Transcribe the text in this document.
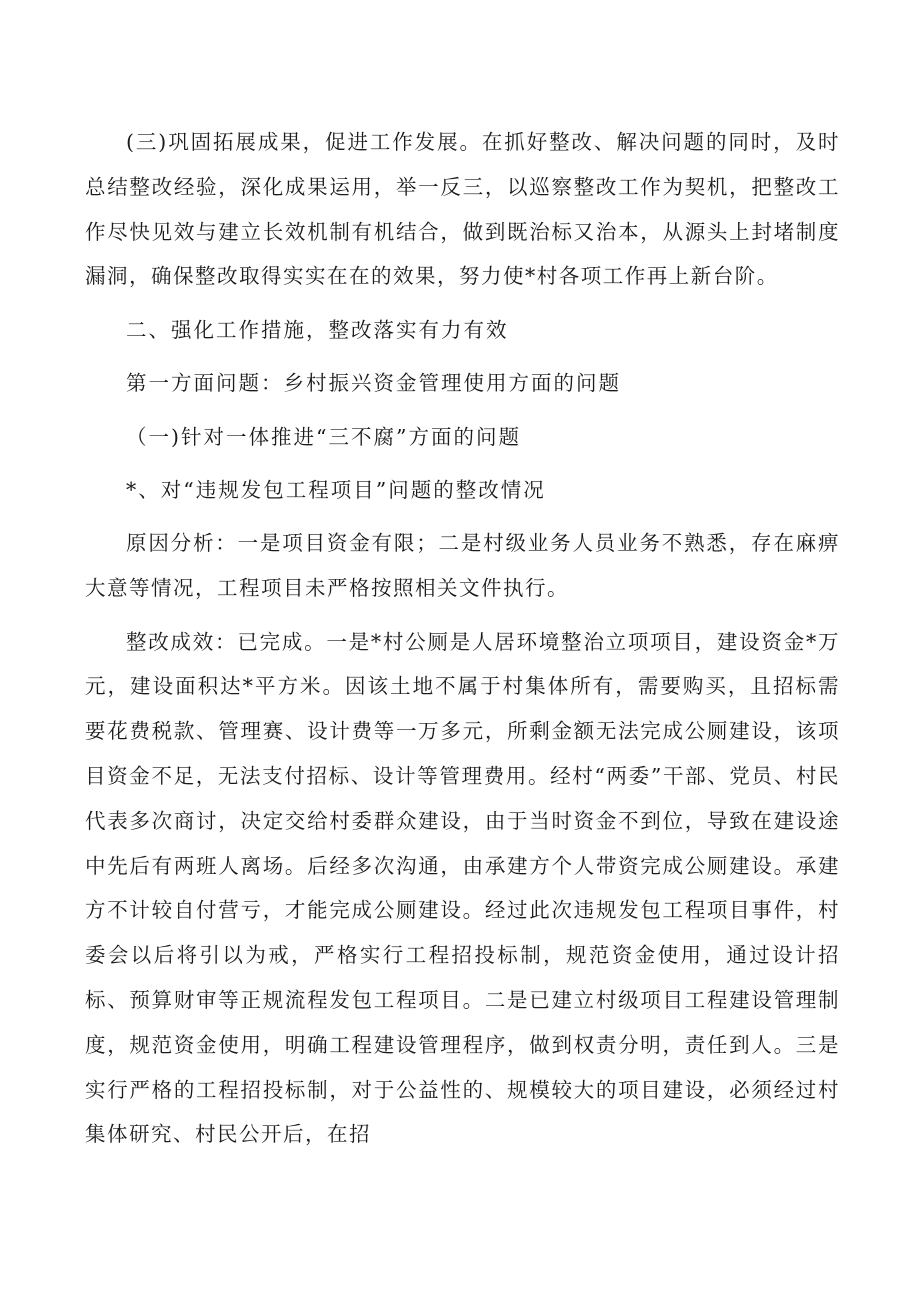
(三)巩固拓展成果，促进工作发展。在抓好整改、解决问题的同时，及时总结整改经验，深化成果运用，举一反三，以巡察整改工作为契机，把整改工作尽快见效与建立长效机制有机结合，做到既治标又治本，从源头上封堵制度漏洞，确保整改取得实实在在的效果，努力使*村各项工作再上新台阶。

二、强化工作措施，整改落实有力有效

第一方面问题：乡村振兴资金管理使用方面的问题

（一)针对一体推进“三不腐”方面的问题

*、对“违规发包工程项目”问题的整改情况

原因分析：一是项目资金有限；二是村级业务人员业务不熟悉，存在麻痹大意等情况，工程项目未严格按照相关文件执行。

整改成效：已完成。一是*村公厕是人居环境整治立项项目，建设资金*万元，建设面积达*平方米。因该土地不属于村集体所有，需要购买，且招标需要花费税款、管理赛、设计费等一万多元，所剩金额无法完成公厕建设，该项目资金不足，无法支付招标、设计等管理费用。经村“两委”干部、党员、村民代表多次商讨，决定交给村委群众建设，由于当时资金不到位，导致在建设途中先后有两班人离场。后经多次沟通，由承建方个人带资完成公厕建设。承建方不计较自付营亏，才能完成公厕建设。经过此次违规发包工程项目事件，村委会以后将引以为戒，严格实行工程招投标制，规范资金使用，通过设计招标、预算财审等正规流程发包工程项目。二是已建立村级项目工程建设管理制度，规范资金使用，明确工程建设管理程序，做到权责分明，责任到人。三是实行严格的工程招投标制，对于公益性的、规模较大的项目建设，必须经过村集体研究、村民公开后，在招
